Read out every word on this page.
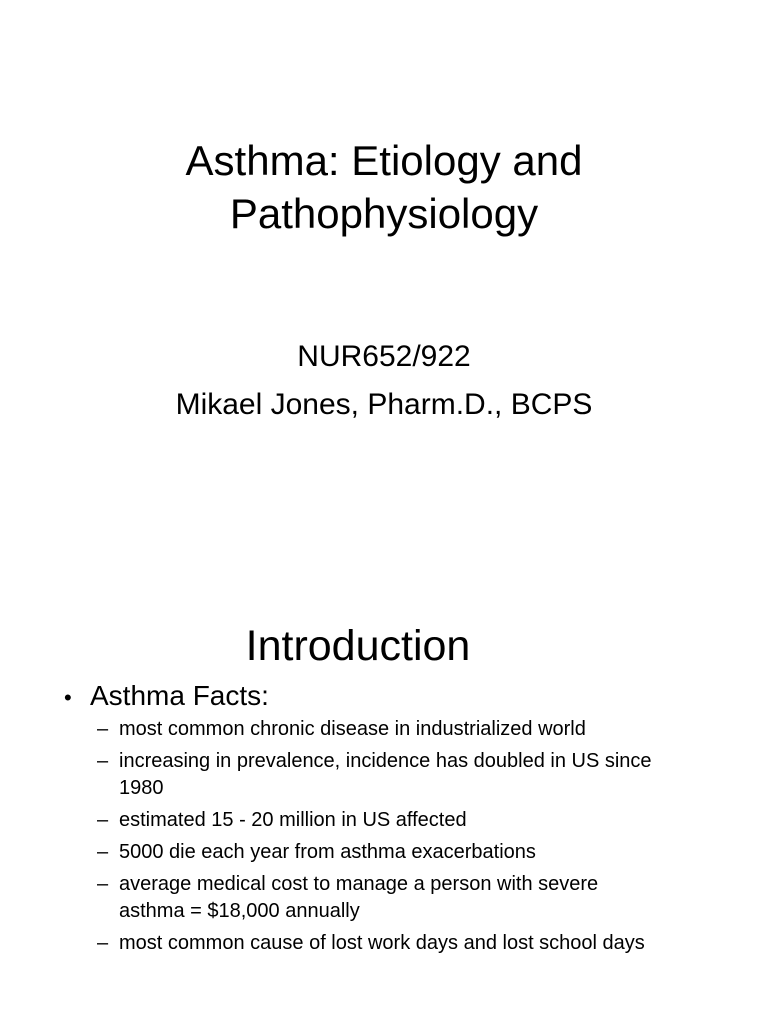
Asthma: Etiology and
Pathophysiology
NUR652/922
Mikael Jones, Pharm.D., BCPS
Introduction
• Asthma Facts:
– most common chronic disease in industrialized world
– increasing in prevalence, incidence has doubled in US since 1980
– estimated 15 - 20 million in US affected
– 5000 die each year from asthma exacerbations
– average medical cost to manage a person with severe asthma = $18,000 annually
– most common cause of lost work days and lost school days
